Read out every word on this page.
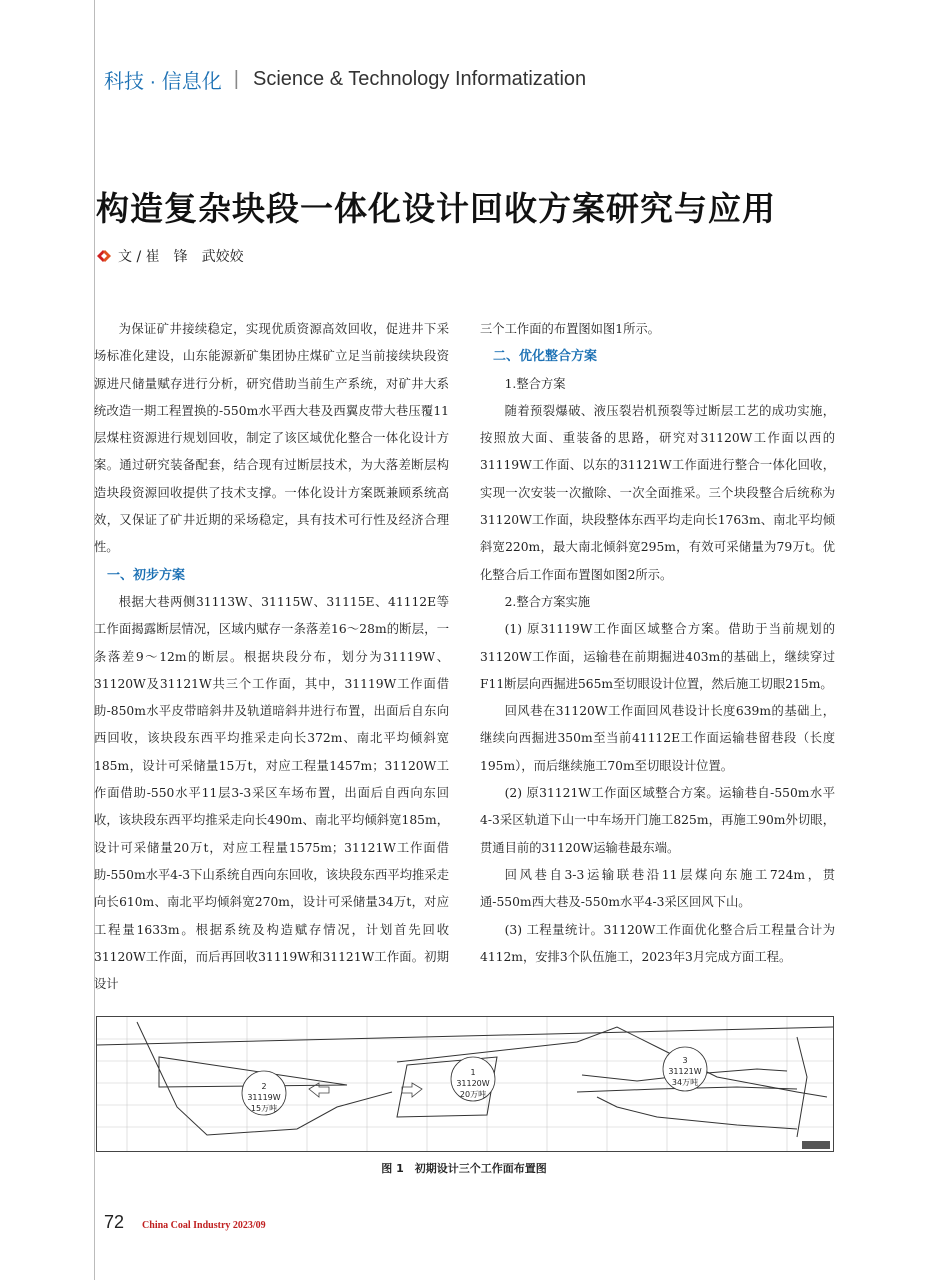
科技 · 信息化 | Science & Technology Informatization
构造复杂块段一体化设计回收方案研究与应用
文 / 崔　锋　武姣姣

为保证矿井接续稳定，实现优质资源高效回收，促进井下采场标准化建设，山东能源新矿集团协庄煤矿立足当前接续块段资源进尺储量赋存进行分析，研究借助当前生产系统，对矿井大系统改造一期工程置换的-550m水平西大巷及西翼皮带大巷压覆11层煤柱资源进行规划回收，制定了该区域优化整合一体化设计方案。通过研究装备配套，结合现有过断层技术，为大落差断层构造块段资源回收提供了技术支撑。一体化设计方案既兼顾系统高效，又保证了矿井近期的采场稳定，具有技术可行性及经济合理性。

一、初步方案

根据大巷两侧31113W、31115W、31115E、41112E等工作面揭露断层情况，区域内赋存一条落差16～28m的断层，一条落差9～12m的断层。根据块段分布，划分为31119W、31120W及31121W共三个工作面，其中，31119W工作面借助-850m水平皮带暗斜井及轨道暗斜井进行布置，出面后自东向西回收，该块段东西平均推采走向长372m、南北平均倾斜宽185m，设计可采储量15万t，对应工程量1457m；31120W工作面借助-550水平11层3-3采区车场布置，出面后自西向东回收，该块段东西平均推采走向长490m、南北平均倾斜宽185m，设计可采储量20万t，对应工程量1575m；31121W工作面借助-550m水平4-3下山系统自西向东回收，该块段东西平均推采走向长610m、南北平均倾斜宽270m，设计可采储量34万t，对应工程量1633m。根据系统及构造赋存情况，计划首先回收31120W工作面，而后再回收31119W和31121W工作面。初期设计

三个工作面的布置图如图1所示。

二、优化整合方案
1.整合方案

随着预裂爆破、液压裂岩机预裂等过断层工艺的成功实施，按照放大面、重装备的思路，研究对31120W工作面以西的31119W工作面、以东的31121W工作面进行整合一体化回收，实现一次安装一次撤除、一次全面推采。三个块段整合后统称为31120W工作面，块段整体东西平均走向长1763m、南北平均倾斜宽220m，最大南北倾斜宽295m，有效可采储量为79万t。优化整合后工作面布置图如图2所示。

2.整合方案实施

(1) 原31119W工作面区域整合方案。借助于当前规划的31120W工作面，运输巷在前期掘进403m的基础上，继续穿过F11断层向西掘进565m至切眼设计位置，然后施工切眼215m。

回风巷在31120W工作面回风巷设计长度639m的基础上，继续向西掘进350m至当前41112E工作面运输巷留巷段（长度195m），而后继续施工70m至切眼设计位置。

(2) 原31121W工作面区域整合方案。运输巷自-550m水平4-3采区轨道下山一中车场开门施工825m，再施工90m外切眼，贯通目前的31120W运输巷最东端。

回风巷自3-3运输联巷沿11层煤向东施工724m，贯通-550m西大巷及-550m水平4-3采区回风下山。

(3) 工程量统计。31120W工作面优化整合后工程量合计为4112m，安排3个队伍施工，2023年3月完成方面工程。

2
31119W
15万吨
1
31120W
20万吨
3
31121W
34万吨
图 1　初期设计三个工作面布置图
72 China Coal Industry 2023/09
